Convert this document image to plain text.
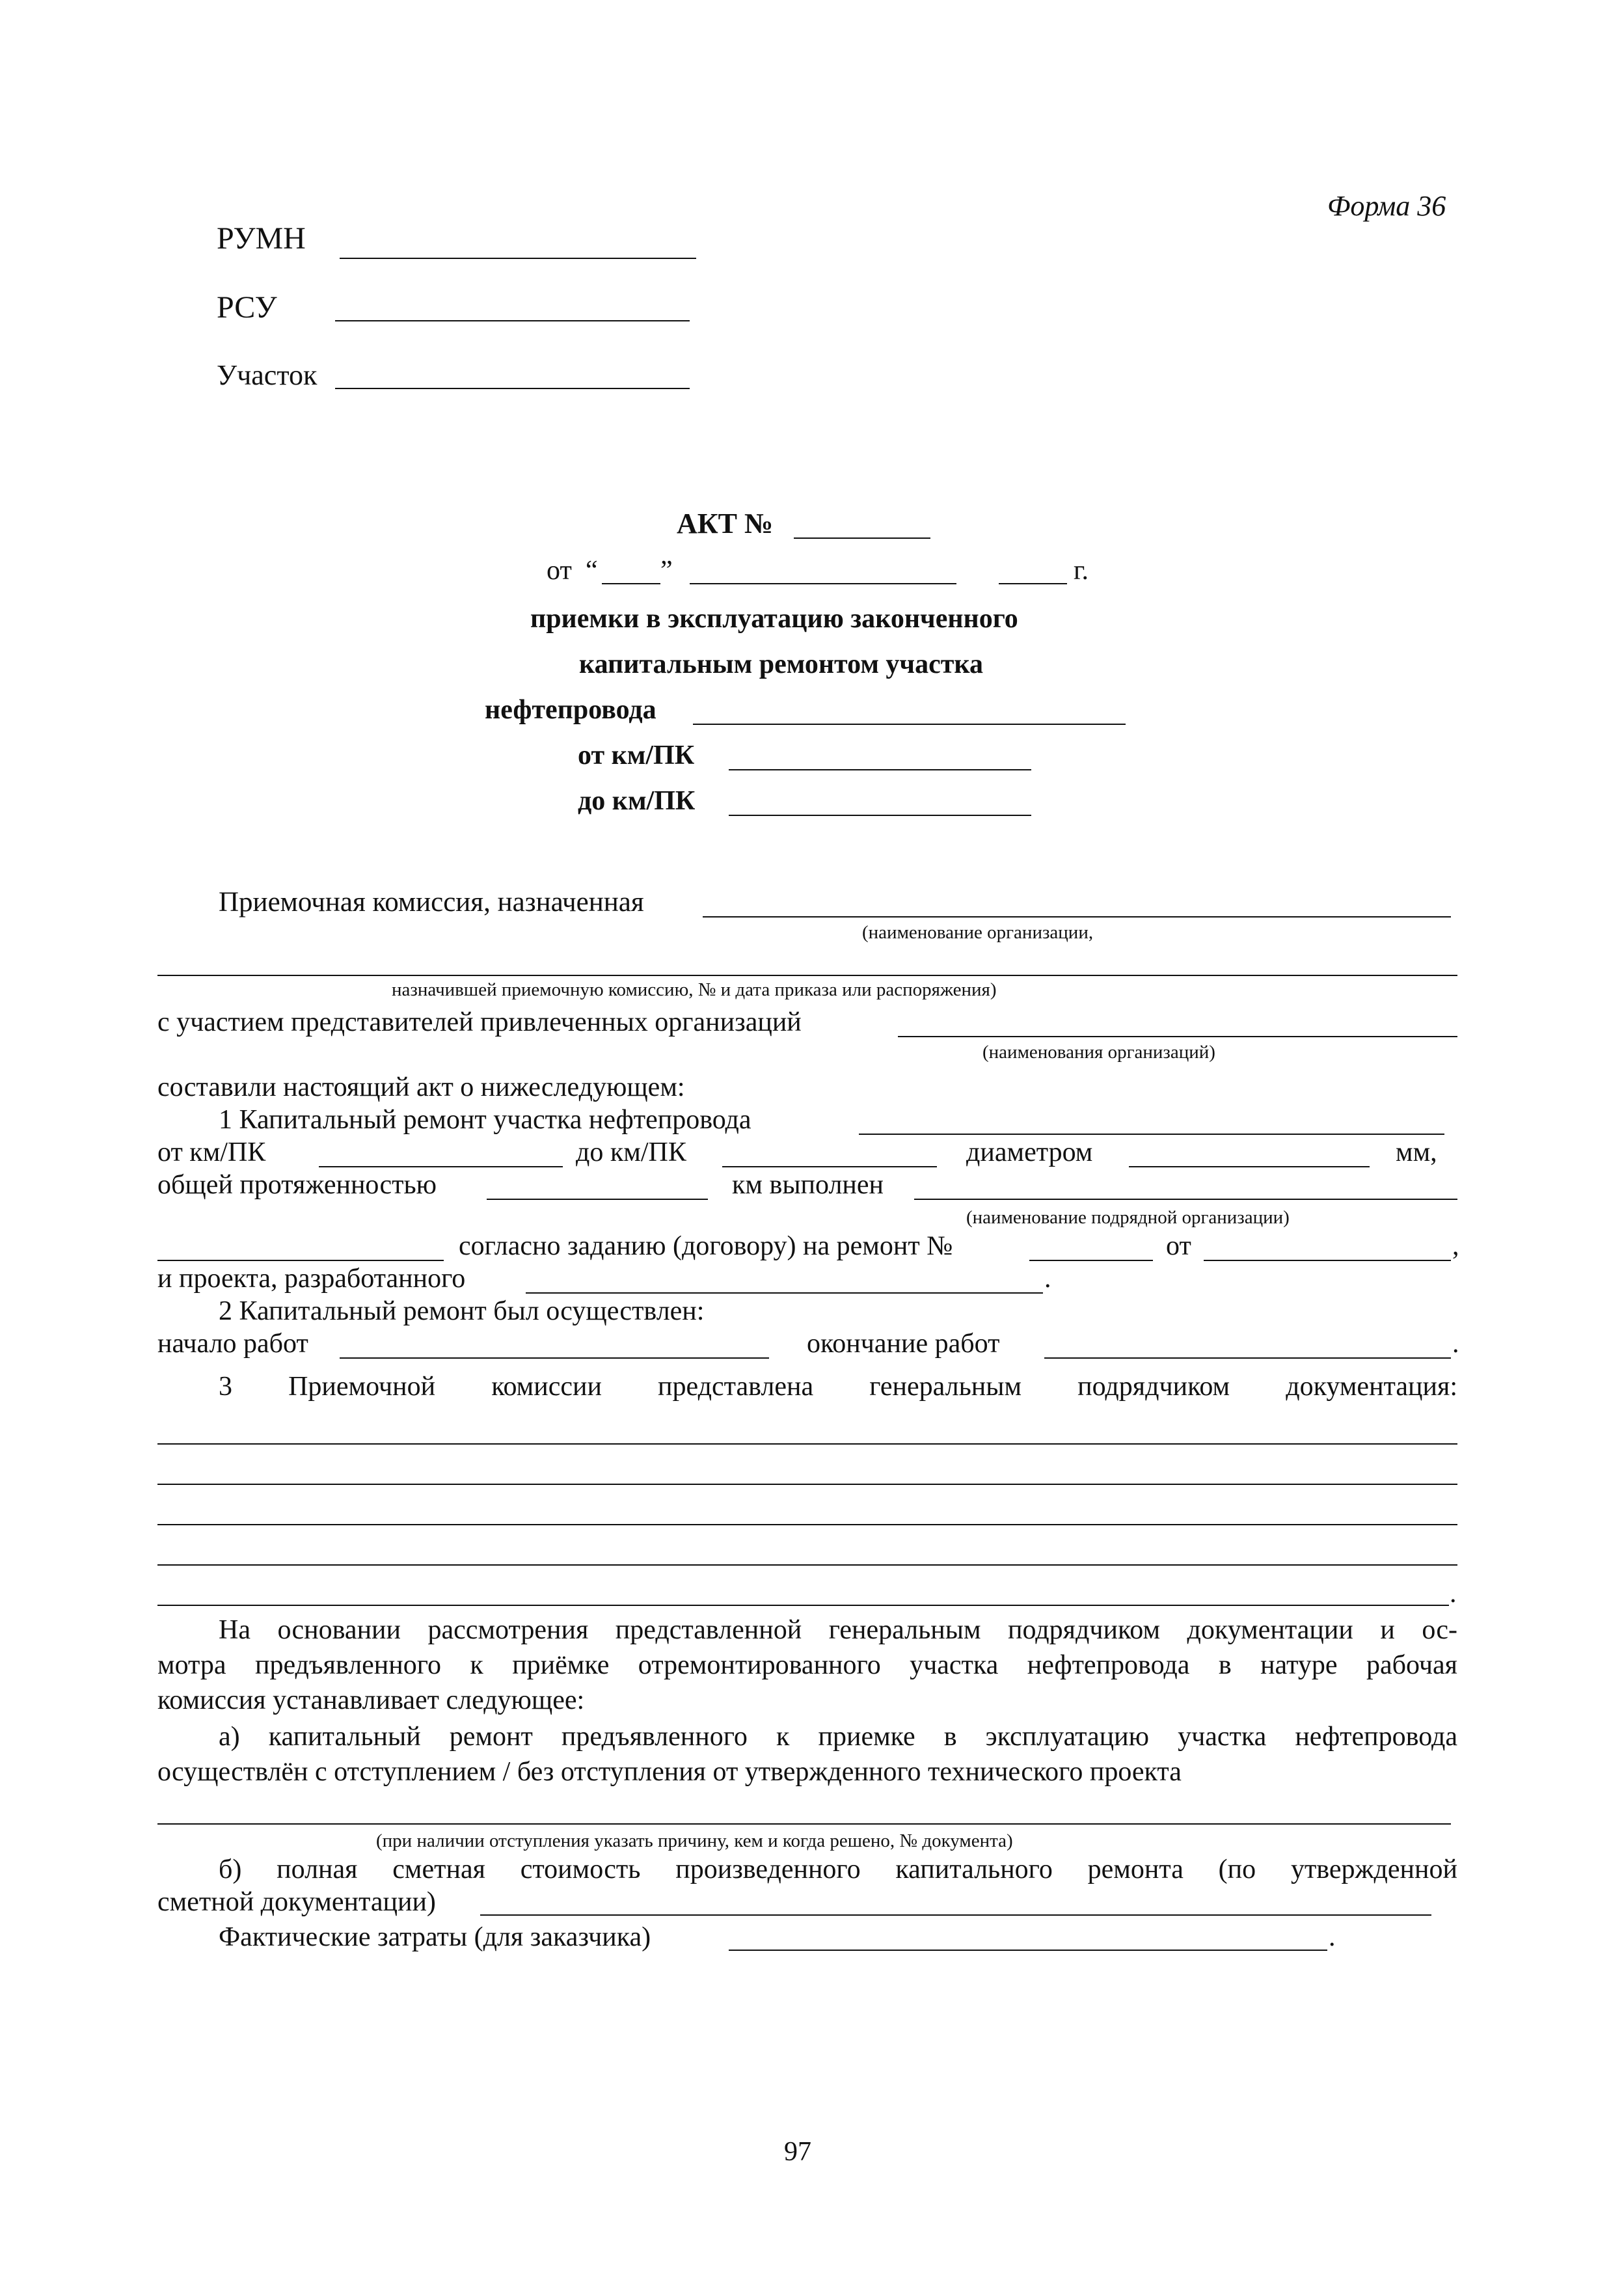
Форма 36
РУМН
РСУ
Участок
АКТ №
от “ ”	г.
приемки в эксплуатацию законченного
капитальным ремонтом участка
нефтепровода
от км/ПК
до км/ПК
Приемочная комиссия, назначенная
(наименование организации,
назначившей приемочную комиссию, № и дата приказа или распоряжения)
с участием представителей привлеченных организаций
(наименования организаций)
составили настоящий акт о нижеследующем:
1 Капитальный ремонт участка нефтепровода
от км/ПК	до км/ПК	диаметром	мм,
общей протяженностью	км выполнен
(наименование подрядной организации)
согласно заданию (договору) на ремонт №	от	,
и проекта, разработанного	.
2 Капитальный ремонт был осуществлен:
начало работ	окончание работ	.
3 Приемочной комиссии представлена генеральным подрядчиком документация:
.
На основании рассмотрения представленной генеральным подрядчиком документации и ос-
мотра предъявленного к приёмке отремонтированного участка нефтепровода в натуре рабочая
комиссия устанавливает следующее:
а) капитальный ремонт предъявленного к приемке в эксплуатацию участка нефтепровода
осуществлён с отступлением / без отступления от утвержденного технического проекта
(при наличии отступления указать причину, кем и когда решено, № документа)
б) полная сметная стоимость произведенного капитального ремонта (по утвержденной
сметной документации)
Фактические затраты (для заказчика)	.
97
